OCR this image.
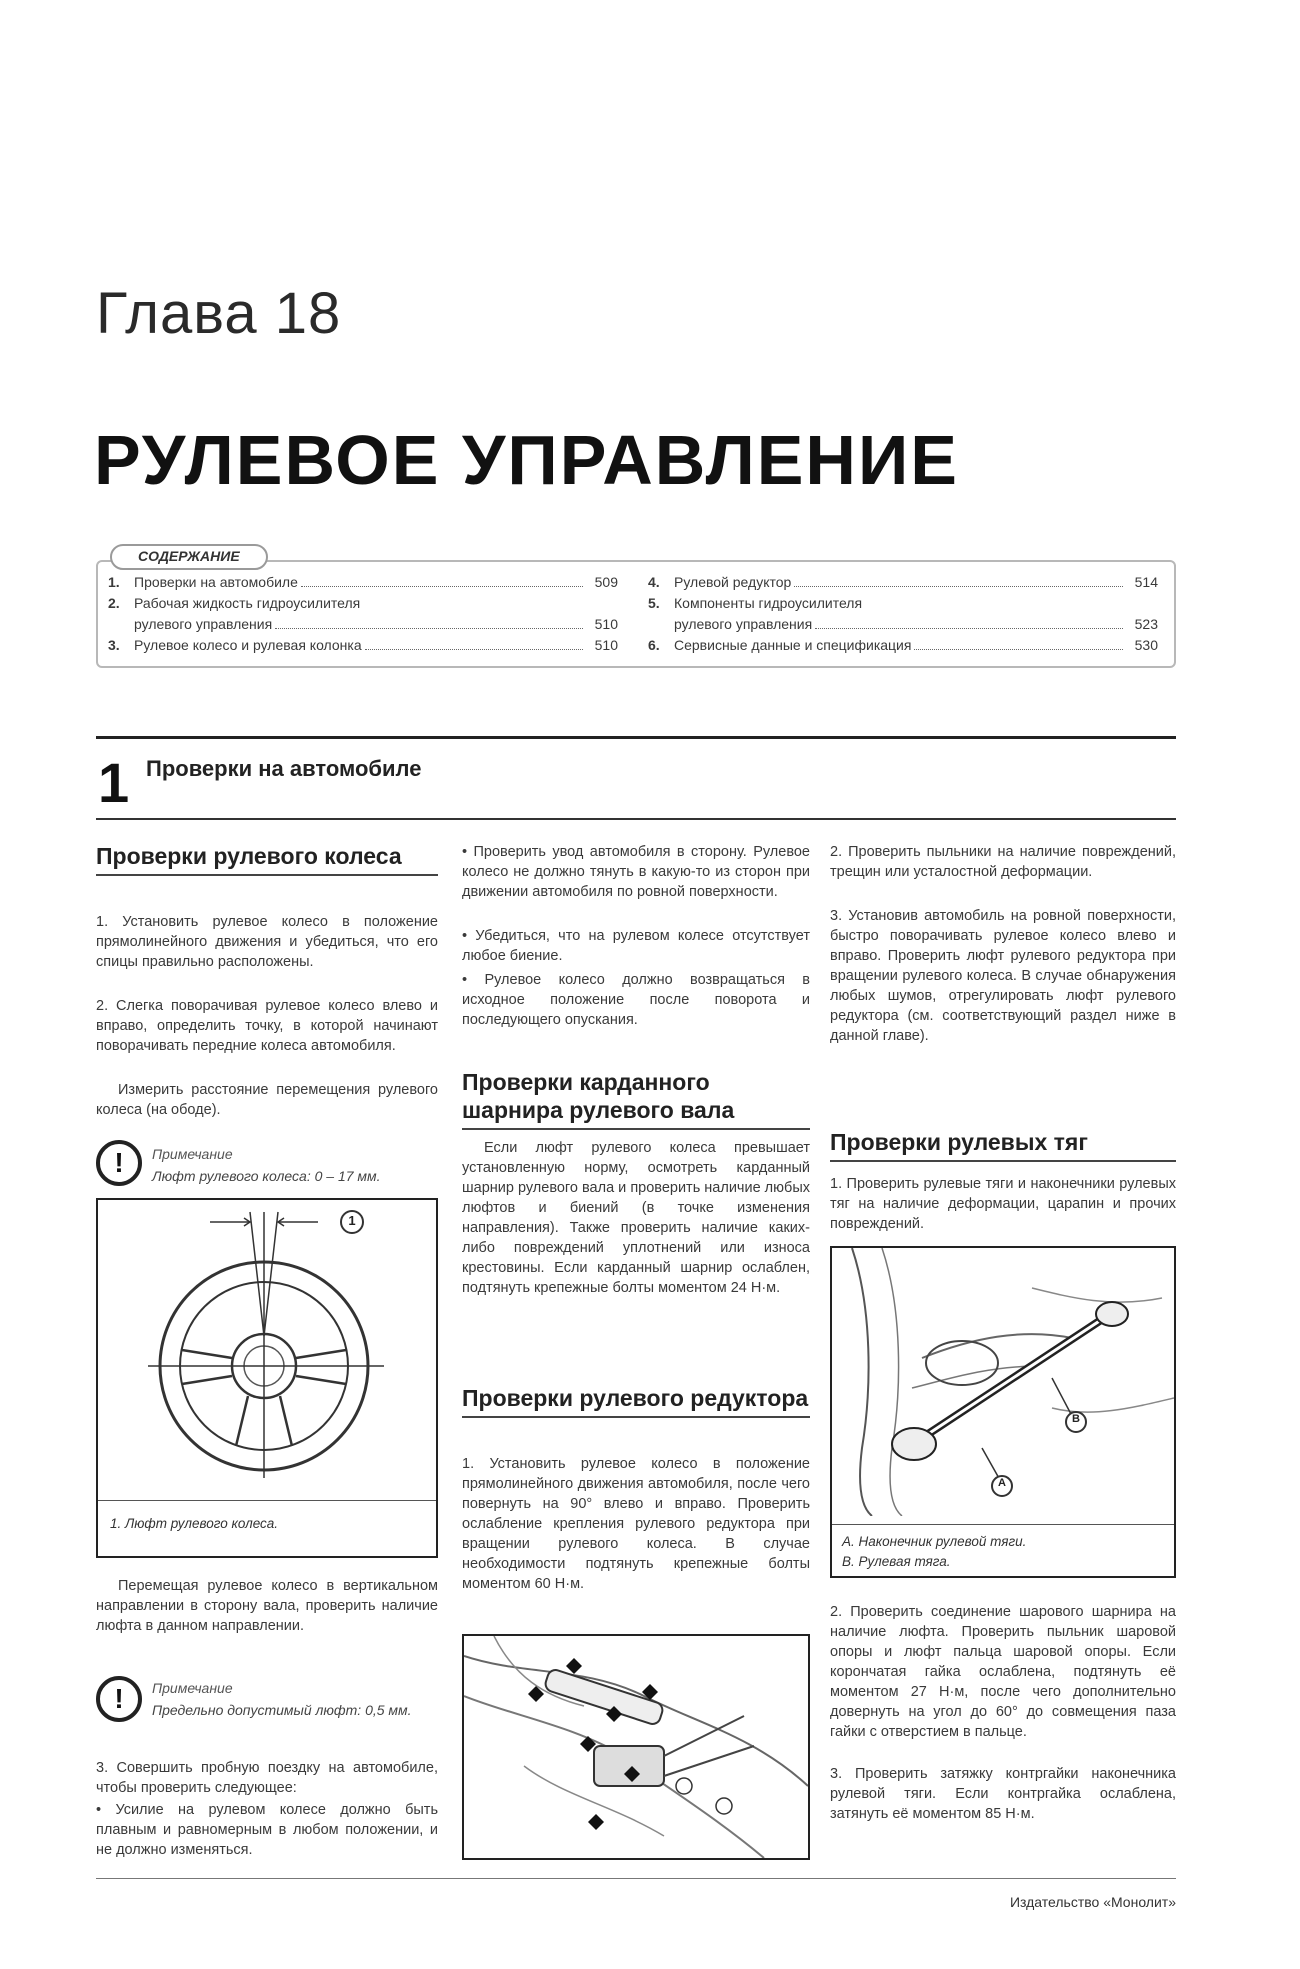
Глава 18
РУЛЕВОЕ УПРАВЛЕНИЕ
СОДЕРЖАНИЕ
1.	Проверки на автомобиле	509
2.	Рабочая жидкость гидроусилителя
рулевого управления	510
3.	Рулевое колесо и рулевая колонка	510
4.	Рулевой редуктор	514
5.	Компоненты гидроусилителя
рулевого управления	523
6.	Сервисные данные и спецификация	530
1 Проверки на автомобиле
Проверки рулевого колеса
1. Установить рулевое колесо в положение прямолинейного движения и убедиться, что его спицы правильно расположены.
2. Слегка поворачивая рулевое колесо влево и вправо, определить точку, в которой начинают поворачивать передние колеса автомобиля.
Измерить расстояние перемещения рулевого колеса (на ободе).
!	Примечание
Люфт рулевого колеса: 0 – 17 мм.
1
1. Люфт рулевого колеса.
Перемещая рулевое колесо в вертикальном направлении в сторону вала, проверить наличие люфта в данном направлении.
!	Примечание
Предельно допустимый люфт: 0,5 мм.
3. Совершить пробную поездку на автомобиле, чтобы проверить следующее:
• Усилие на рулевом колесе должно быть плавным и равномерным в любом положении, и не должно изменяться.
• Проверить увод автомобиля в сторону. Рулевое колесо не должно тянуть в какую-то из сторон при движении автомобиля по ровной поверхности.
• Убедиться, что на рулевом колесе отсутствует любое биение.
• Рулевое колесо должно возвращаться в исходное положение после поворота и последующего опускания.
Проверки карданного шарнира рулевого вала
Если люфт рулевого колеса превышает установленную норму, осмотреть карданный шарнир рулевого вала и проверить наличие любых люфтов и биений (в точке изменения направления). Также проверить наличие каких-либо повреждений уплотнений или износа крестовины. Если карданный шарнир ослаблен, подтянуть крепежные болты моментом 24 Н·м.
Проверки рулевого редуктора
1. Установить рулевое колесо в положение прямолинейного движения автомобиля, после чего повернуть на 90° влево и вправо. Проверить ослабление крепления рулевого редуктора при вращении рулевого колеса. В случае необходимости подтянуть крепежные болты моментом 60 Н·м.
2. Проверить пыльники на наличие повреждений, трещин или усталостной деформации.
3. Установив автомобиль на ровной поверхности, быстро поворачивать рулевое колесо влево и вправо. Проверить люфт рулевого редуктора при вращении рулевого колеса. В случае обнаружения любых шумов, отрегулировать люфт рулевого редуктора (см. соответствующий раздел ниже в данной главе).
Проверки рулевых тяг
1. Проверить рулевые тяги и наконечники рулевых тяг на наличие деформации, царапин и прочих повреждений.
A
B
A. Наконечник рулевой тяги.
B. Рулевая тяга.
2. Проверить соединение шарового шарнира на наличие люфта. Проверить пыльник шаровой опоры и люфт пальца шаровой опоры. Если корончатая гайка ослаблена, подтянуть её моментом 27 Н·м, после чего дополнительно довернуть на угол до 60° до совмещения паза гайки с отверстием в пальце.
3. Проверить затяжку контргайки наконечника рулевой тяги. Если контргайка ослаблена, затянуть её моментом 85 Н·м.
Издательство «Монолит»
